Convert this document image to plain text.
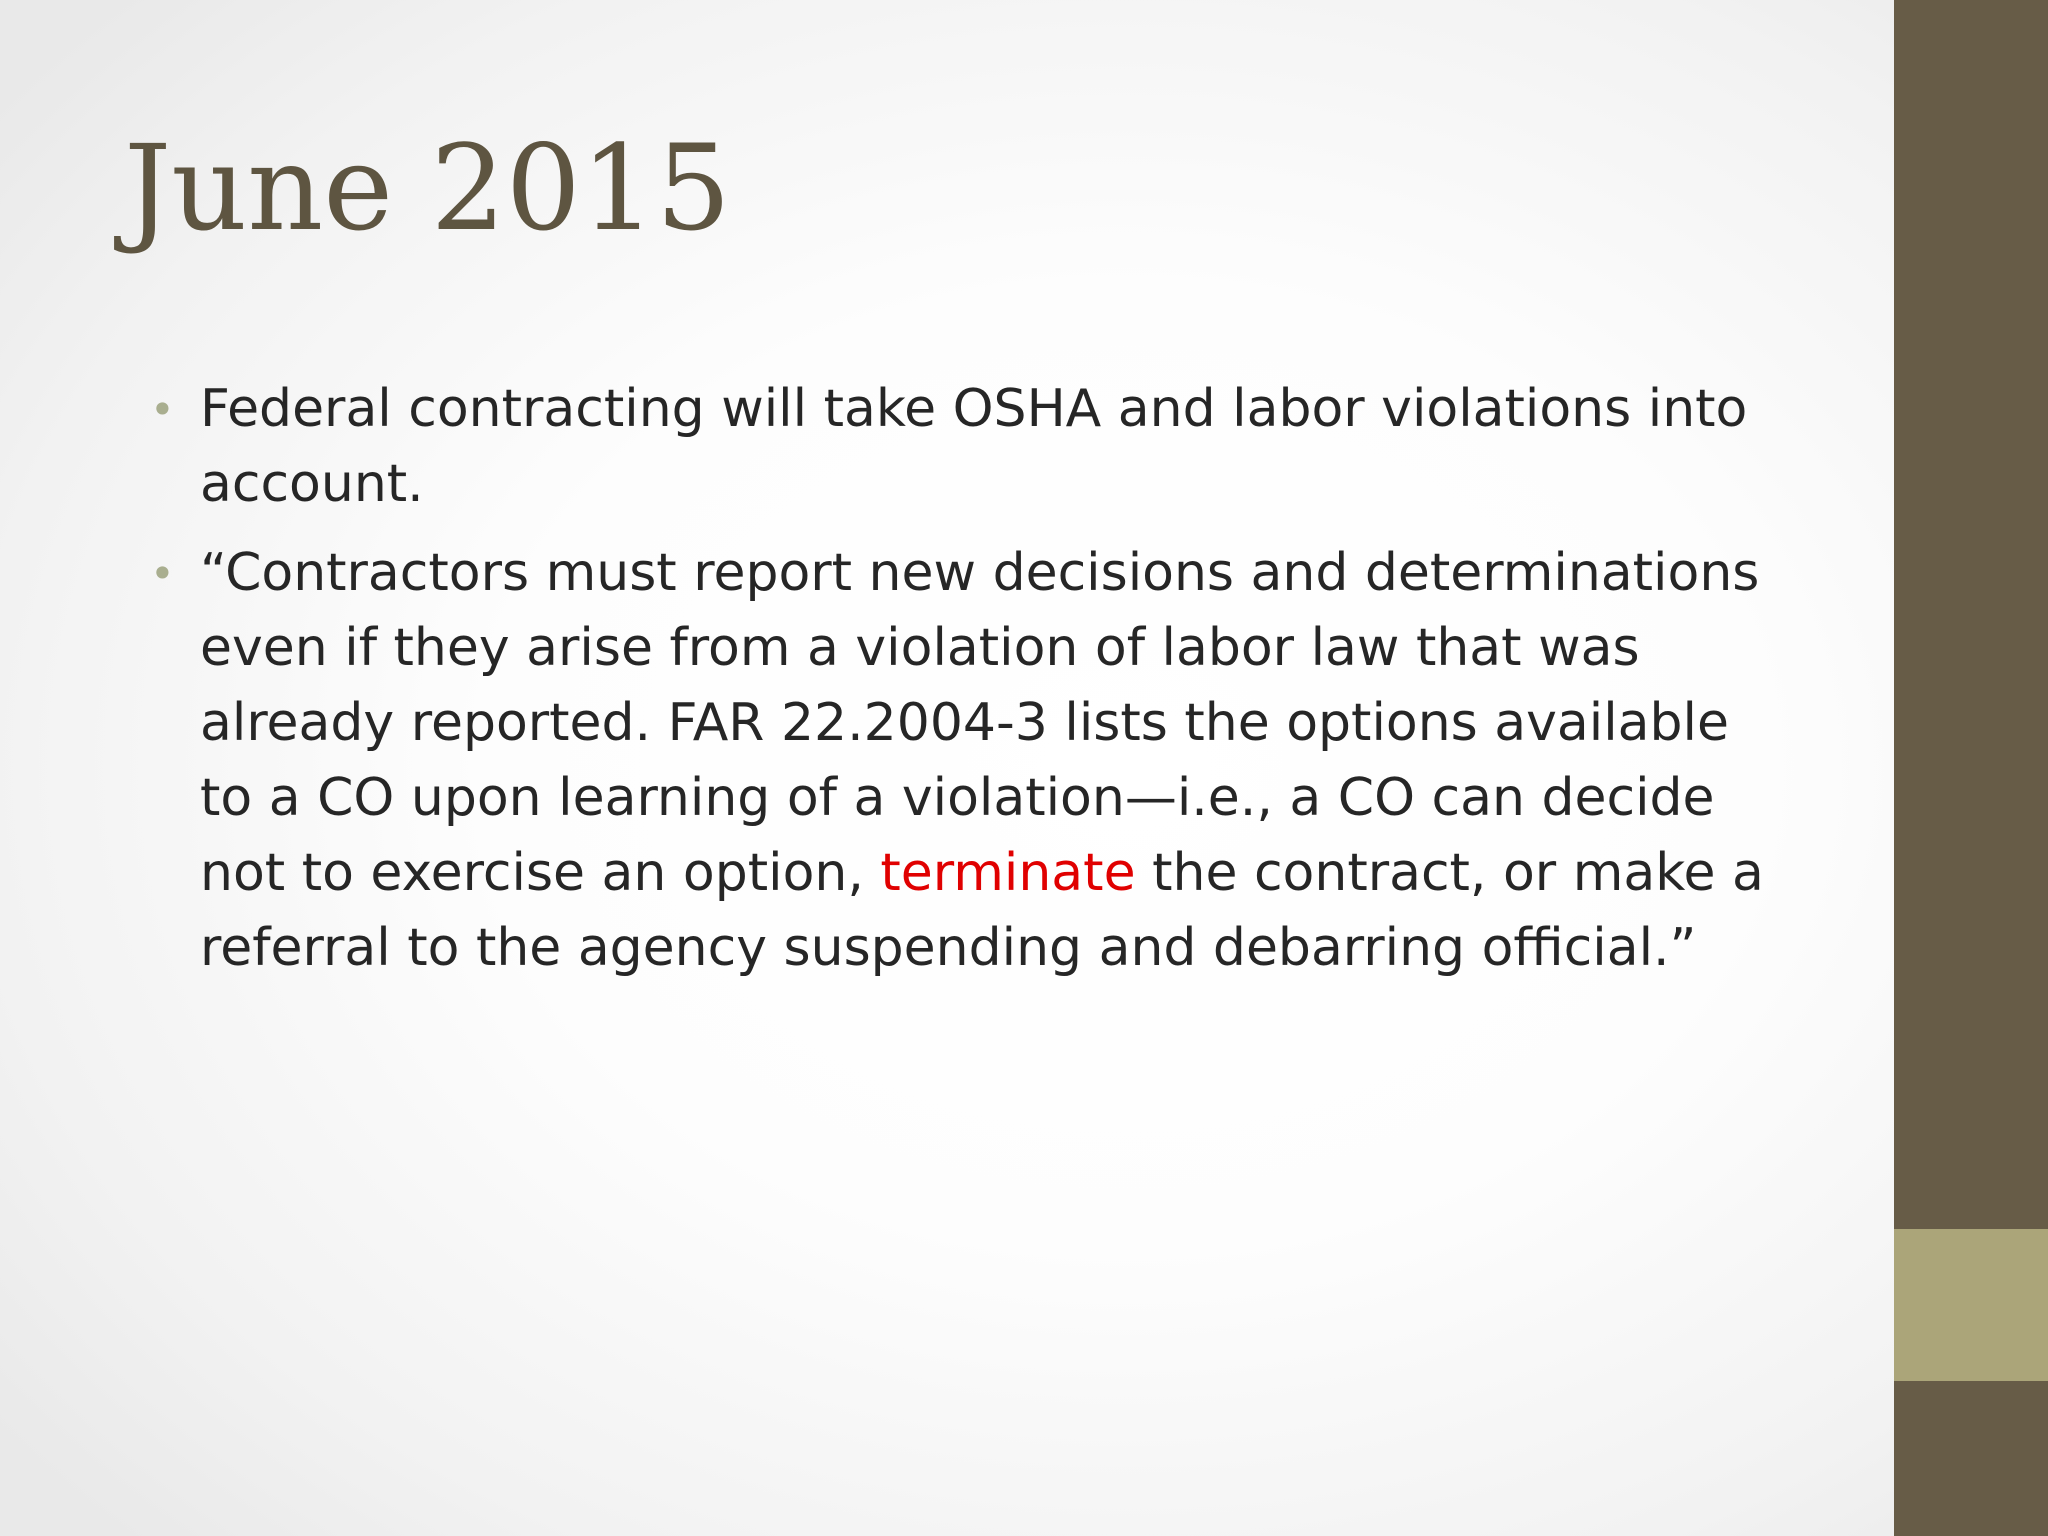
June 2015
• Federal contracting will take OSHA and labor violations into account.
• “Contractors must report new decisions and determinations even if they arise from a violation of labor law that was already reported. FAR 22.2004-3 lists the options available to a CO upon learning of a violation—i.e., a CO can decide not to exercise an option, terminate the contract, or make a referral to the agency suspending and debarring official.”
